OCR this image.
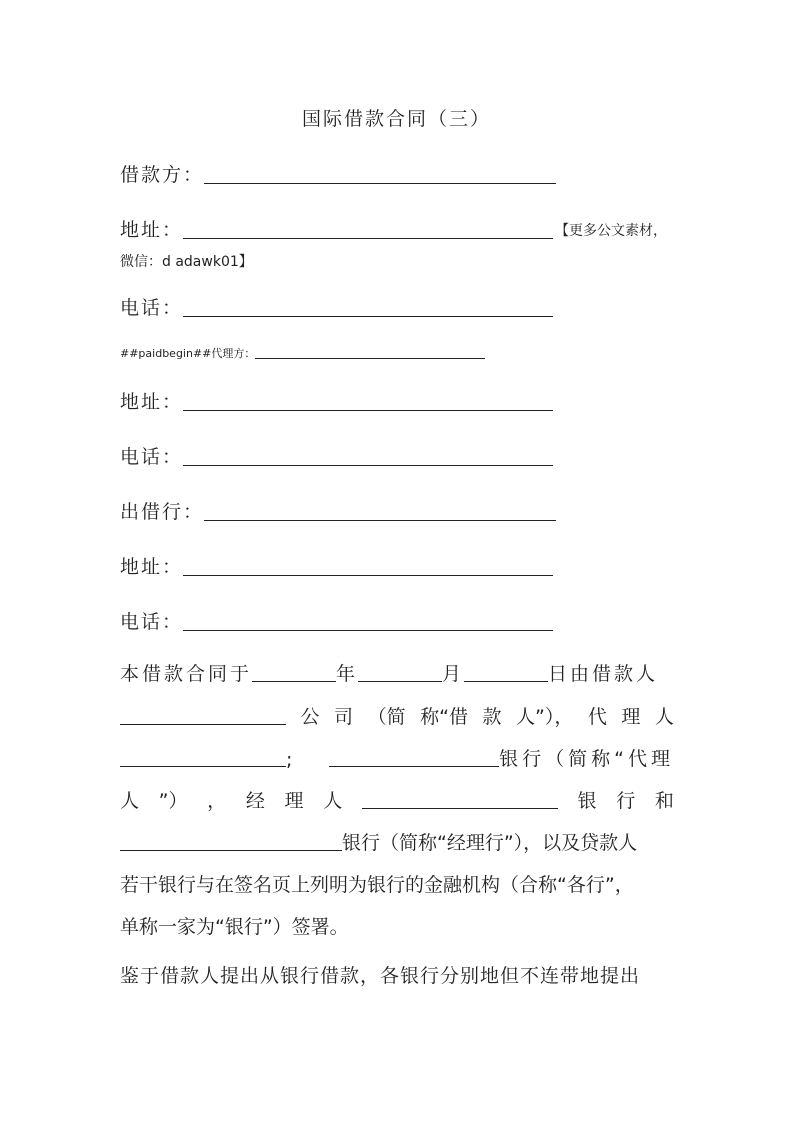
国际借款合同（三）
借款方：
地址：	【更多公文素材，
微信：d adawk01】
电话：
##paidbegin##代理方：
地址：
电话：
出借行：
地址：
电话：
本借款合同于	年	月	日由借款人
公 司 （简 称“借 款 人”）， 代 理 人
;	银行（简称“代理
人 ”） ， 经 理 人	银 行 和
银行（简称“经理行”），以及贷款人
若干银行与在签名页上列明为银行的金融机构（合称“各行”，
单称一家为“银行”）签署。
鉴于借款人提出从银行借款，各银行分别地但不连带地提出
